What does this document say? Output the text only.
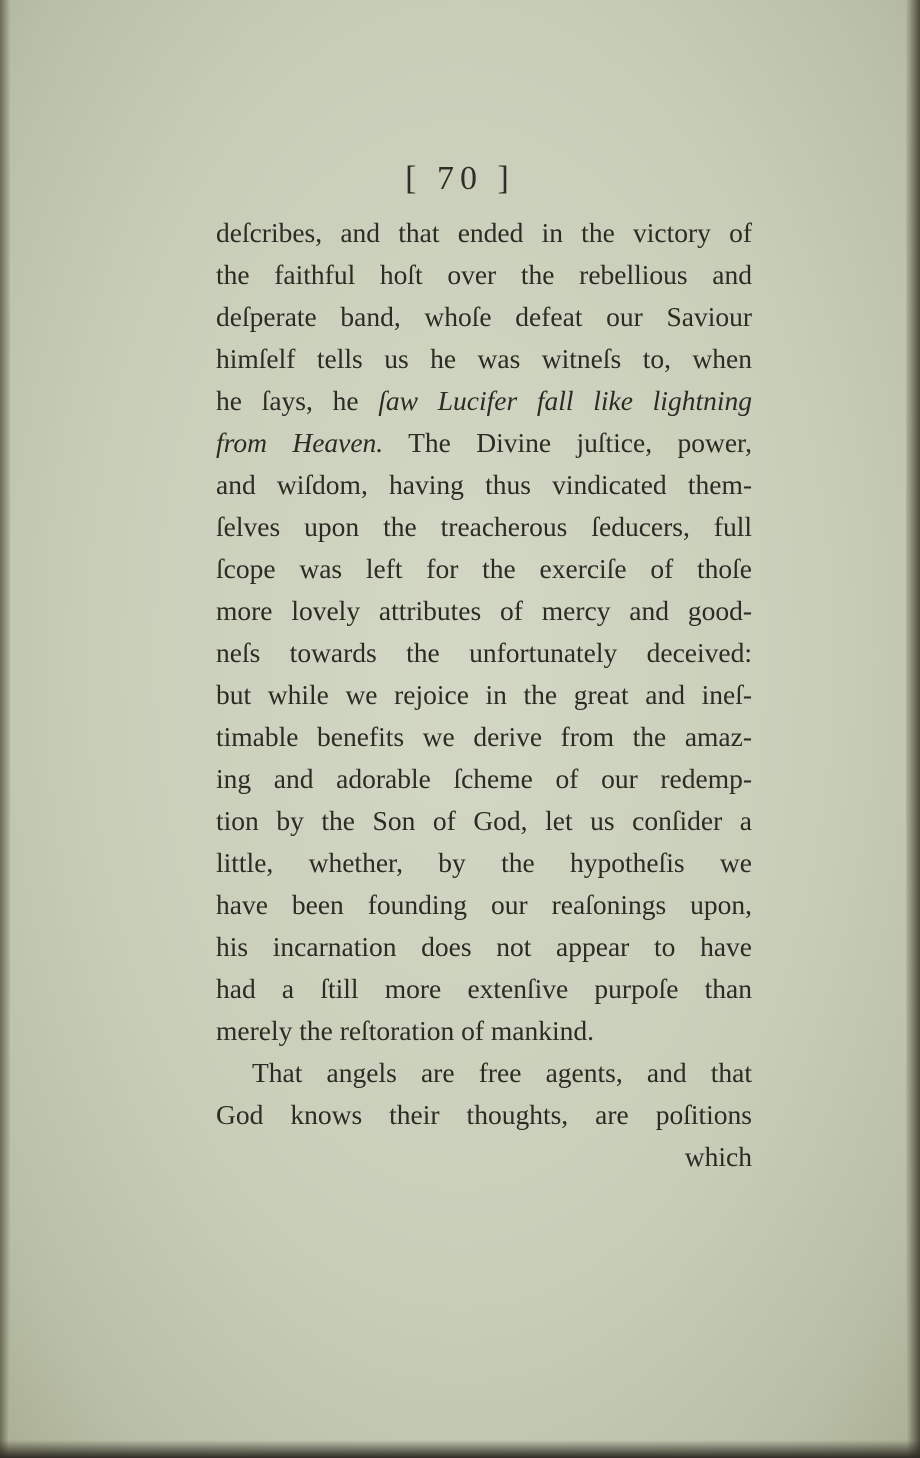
[ 70 ]
deſcribes, and that ended in the victory of
the faithful hoſt over the rebellious and
deſperate band, whoſe defeat our Saviour
himſelf tells us he was witneſs to, when
he ſays, he ſaw Lucifer fall like lightning
from Heaven. The Divine juſtice, power,
and wiſdom, having thus vindicated them-
ſelves upon the treacherous ſeducers, full
ſcope was left for the exerciſe of thoſe
more lovely attributes of mercy and good-
neſs towards the unfortunately deceived:
but while we rejoice in the great and ineſ-
timable benefits we derive from the amaz-
ing and adorable ſcheme of our redemp-
tion by the Son of God, let us conſider a
little, whether, by the hypotheſis we
have been founding our reaſonings upon,
his incarnation does not appear to have
had a ſtill more extenſive purpoſe than
merely the reſtoration of mankind.
That angels are free agents, and that
God knows their thoughts, are poſitions
which
